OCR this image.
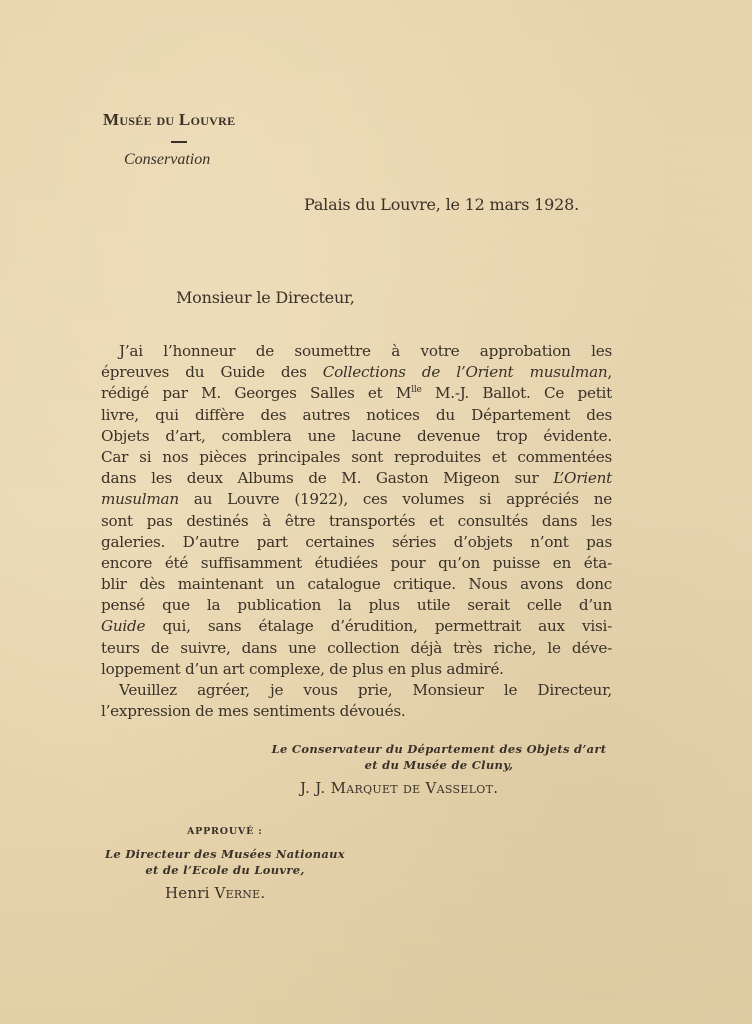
Musée du Louvre
Conservation
Palais du Louvre, le 12 mars 1928.
Monsieur le Directeur,
J’ai l’honneur de soumettre à votre approbation les
épreuves du Guide des Collections de l’Orient musulman,
rédigé par M. Georges Salles et $M^{lle}$ M.-J. Ballot. Ce petit
livre, qui diffère des autres notices du Département des
Objets d’art, comblera une lacune devenue trop évidente.
Car si nos pièces principales sont reproduites et commentées
dans les deux Albums de M. Gaston Migeon sur L’Orient
musulman au Louvre (1922), ces volumes si appréciés ne
sont pas destinés à être transportés et consultés dans les
galeries. D’autre part certaines séries d’objets n’ont pas
encore été suffisamment étudiées pour qu’on puisse en éta-
blir dès maintenant un catalogue critique. Nous avons donc
pensé que la publication la plus utile serait celle d’un
Guide qui, sans étalage d’érudition, permettrait aux visi-
teurs de suivre, dans une collection déjà très riche, le déve-
loppement d’un art complexe, de plus en plus admiré.
Veuillez agréer, je vous prie, Monsieur le Directeur,
l’expression de mes sentiments dévoués.
Le Conservateur du Département des Objets d’art
et du Musée de Cluny,
J. J. Marquet de Vasselot.
APPROUVÉ :
Le Directeur des Musées Nationaux
et de l’Ecole du Louvre,
Henri Verne.
